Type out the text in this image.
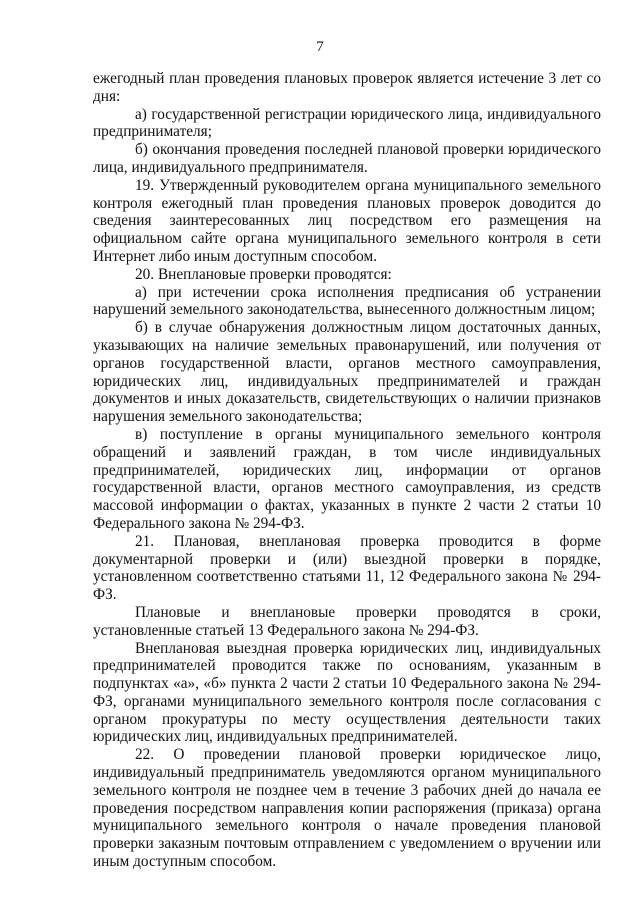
7

ежегодный план проведения плановых проверок является истечение 3 лет со дня:

а) государственной регистрации юридического лица, индивидуального предпринимателя;

б) окончания проведения последней плановой проверки юридического лица, индивидуального предпринимателя.

19. Утвержденный руководителем органа муниципального земельного контроля ежегодный план проведения плановых проверок доводится до сведения заинтересованных лиц посредством его размещения на официальном сайте органа муниципального земельного контроля в сети Интернет либо иным доступным способом.

20. Внеплановые проверки проводятся:

а) при истечении срока исполнения предписания об устранении нарушений земельного законодательства, вынесенного должностным лицом;

б) в случае обнаружения должностным лицом достаточных данных, указывающих на наличие земельных правонарушений, или получения от органов государственной власти, органов местного самоуправления, юридических лиц, индивидуальных предпринимателей и граждан документов и иных доказательств, свидетельствующих о наличии признаков нарушения земельного законодательства;

в) поступление в органы муниципального земельного контроля обращений и заявлений граждан, в том числе индивидуальных предпринимателей, юридических лиц, информации от органов государственной власти, органов местного самоуправления, из средств массовой информации о фактах, указанных в пункте 2 части 2 статьи 10 Федерального закона № 294-ФЗ.

21. Плановая, внеплановая проверка проводится в форме документарной проверки и (или) выездной проверки в порядке, установленном соответственно статьями 11, 12 Федерального закона № 294-ФЗ.

Плановые и внеплановые проверки проводятся в сроки, установленные статьей 13 Федерального закона № 294-ФЗ.

Внеплановая выездная проверка юридических лиц, индивидуальных предпринимателей проводится также по основаниям, указанным в подпунктах «а», «б» пункта 2 части 2 статьи 10 Федерального закона № 294-ФЗ, органами муниципального земельного контроля после согласования с органом прокуратуры по месту осуществления деятельности таких юридических лиц, индивидуальных предпринимателей.

22. О проведении плановой проверки юридическое лицо, индивидуальный предприниматель уведомляются органом муниципального земельного контроля не позднее чем в течение 3 рабочих дней до начала ее проведения посредством направления копии распоряжения (приказа) органа муниципального земельного контроля о начале проведения плановой проверки заказным почтовым отправлением с уведомлением о вручении или иным доступным способом.
